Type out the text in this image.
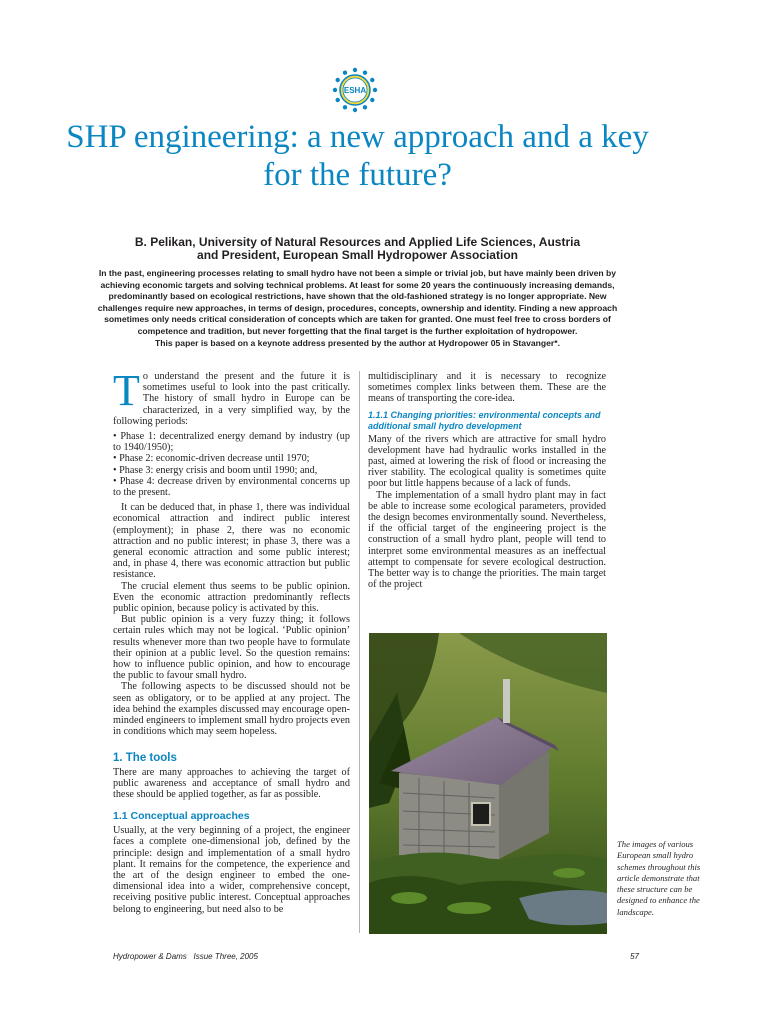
ESHA
SHP engineering: a new approach and a key for the future?
B. Pelikan, University of Natural Resources and Applied Life Sciences, Austria
and President, European Small Hydropower Association
In the past, engineering processes relating to small hydro have not been a simple or trivial job, but have mainly been driven by achieving economic targets and solving technical problems. At least for some 20 years the continuously increasing demands, predominantly based on ecological restrictions, have shown that the old-fashioned strategy is no longer appropriate. New challenges require new approaches, in terms of design, procedures, concepts, ownership and identity. Finding a new approach sometimes only needs critical consideration of concepts which are taken for granted. One must feel free to cross borders of competence and tradition, but never forgetting that the final target is the further exploitation of hydropower.
This paper is based on a keynote address presented by the author at Hydropower 05 in Stavanger*.

To understand the present and the future it is sometimes useful to look into the past critically. The history of small hydro in Europe can be characterized, in a very simplified way, by the following periods:

• Phase 1: decentralized energy demand by industry (up to 1940/1950);
• Phase 2: economic-driven decrease until 1970;
• Phase 3: energy crisis and boom until 1990; and,
• Phase 4: decrease driven by environmental concerns up to the present.

It can be deduced that, in phase 1, there was individual economical attraction and indirect public interest (employment); in phase 2, there was no economic attraction and no public interest; in phase 3, there was a general economic attraction and some public interest; and, in phase 4, there was economic attraction but public resistance.

The crucial element thus seems to be public opinion. Even the economic attraction predominantly reflects public opinion, because policy is activated by this.

But public opinion is a very fuzzy thing; it follows certain rules which may not be logical. ‘Public opinion’ results whenever more than two people have to formulate their opinion at a public level. So the question remains: how to influence public opinion, and how to encourage the public to favour small hydro.

The following aspects to be discussed should not be seen as obligatory, or to be applied at any project. The idea behind the examples discussed may encourage open-minded engineers to implement small hydro projects even in conditions which may seem hopeless.

1. The tools

There are many approaches to achieving the target of public awareness and acceptance of small hydro and these should be applied together, as far as possible.

1.1 Conceptual approaches

Usually, at the very beginning of a project, the engineer faces a complete one-dimensional job, defined by the principle: design and implementation of a small hydro plant. It remains for the competence, the experience and the art of the design engineer to embed the one-dimensional idea into a wider, comprehensive concept, receiving positive public interest. Conceptual approaches belong to engineering, but need also to be

multidisciplinary and it is necessary to recognize sometimes complex links between them. These are the means of transporting the core-idea.

1.1.1 Changing priorities: environmental concepts and additional small hydro development

Many of the rivers which are attractive for small hydro development have had hydraulic works installed in the past, aimed at lowering the risk of flood or increasing the river stability. The ecological quality is sometimes quite poor but little happens because of a lack of funds.

The implementation of a small hydro plant may in fact be able to increase some ecological parameters, provided the design becomes environmentally sound. Nevertheless, if the official target of the engineering project is the construction of a small hydro plant, people will tend to interpret some environmental measures as an ineffectual attempt to compensate for severe ecological destruction. The better way is to change the priorities. The main target of the project

The images of various European small hydro schemes throughout this article demonstrate that these structure can be designed to enhance the landscape.
Hydropower & Dams   Issue Three, 2005	57
